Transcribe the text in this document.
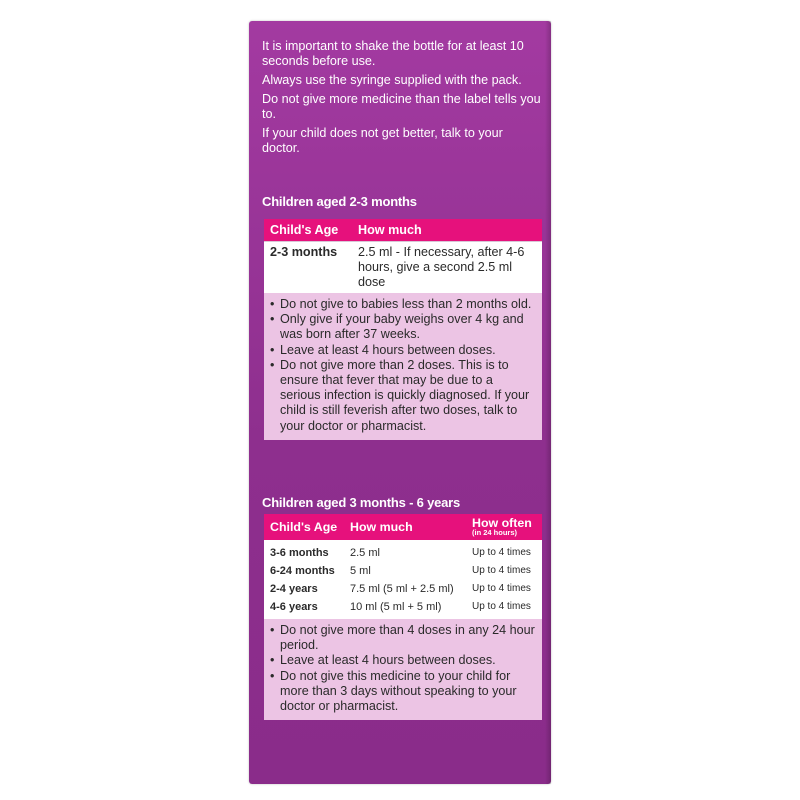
It is important to shake the bottle for at least 10 seconds before use.

Always use the syringe supplied with the pack.

Do not give more medicine than the label tells you to.

If your child does not get better, talk to your doctor.

Children aged 2-3 months
Child's Age	How much
2-3 months	2.5 ml - If necessary, after 4-6 hours, give a second 2.5 ml dose
• Do not give to babies less than 2 months old.
• Only give if your baby weighs over 4 kg and was born after 37 weeks.
• Leave at least 4 hours between doses.
• Do not give more than 2 doses. This is to ensure that fever that may be due to a serious infection is quickly diagnosed. If your child is still feverish after two doses, talk to your doctor or pharmacist.
Children aged 3 months - 6 years
Child's Age	How much	How often
(in 24 hours)
3-6 months	2.5 ml	Up to 4 times
6-24 months	5 ml	Up to 4 times
2-4 years	7.5 ml (5 ml + 2.5 ml)	Up to 4 times
4-6 years	10 ml (5 ml + 5 ml)	Up to 4 times
• Do not give more than 4 doses in any 24 hour period.
• Leave at least 4 hours between doses.
• Do not give this medicine to your child for more than 3 days without speaking to your doctor or pharmacist.
